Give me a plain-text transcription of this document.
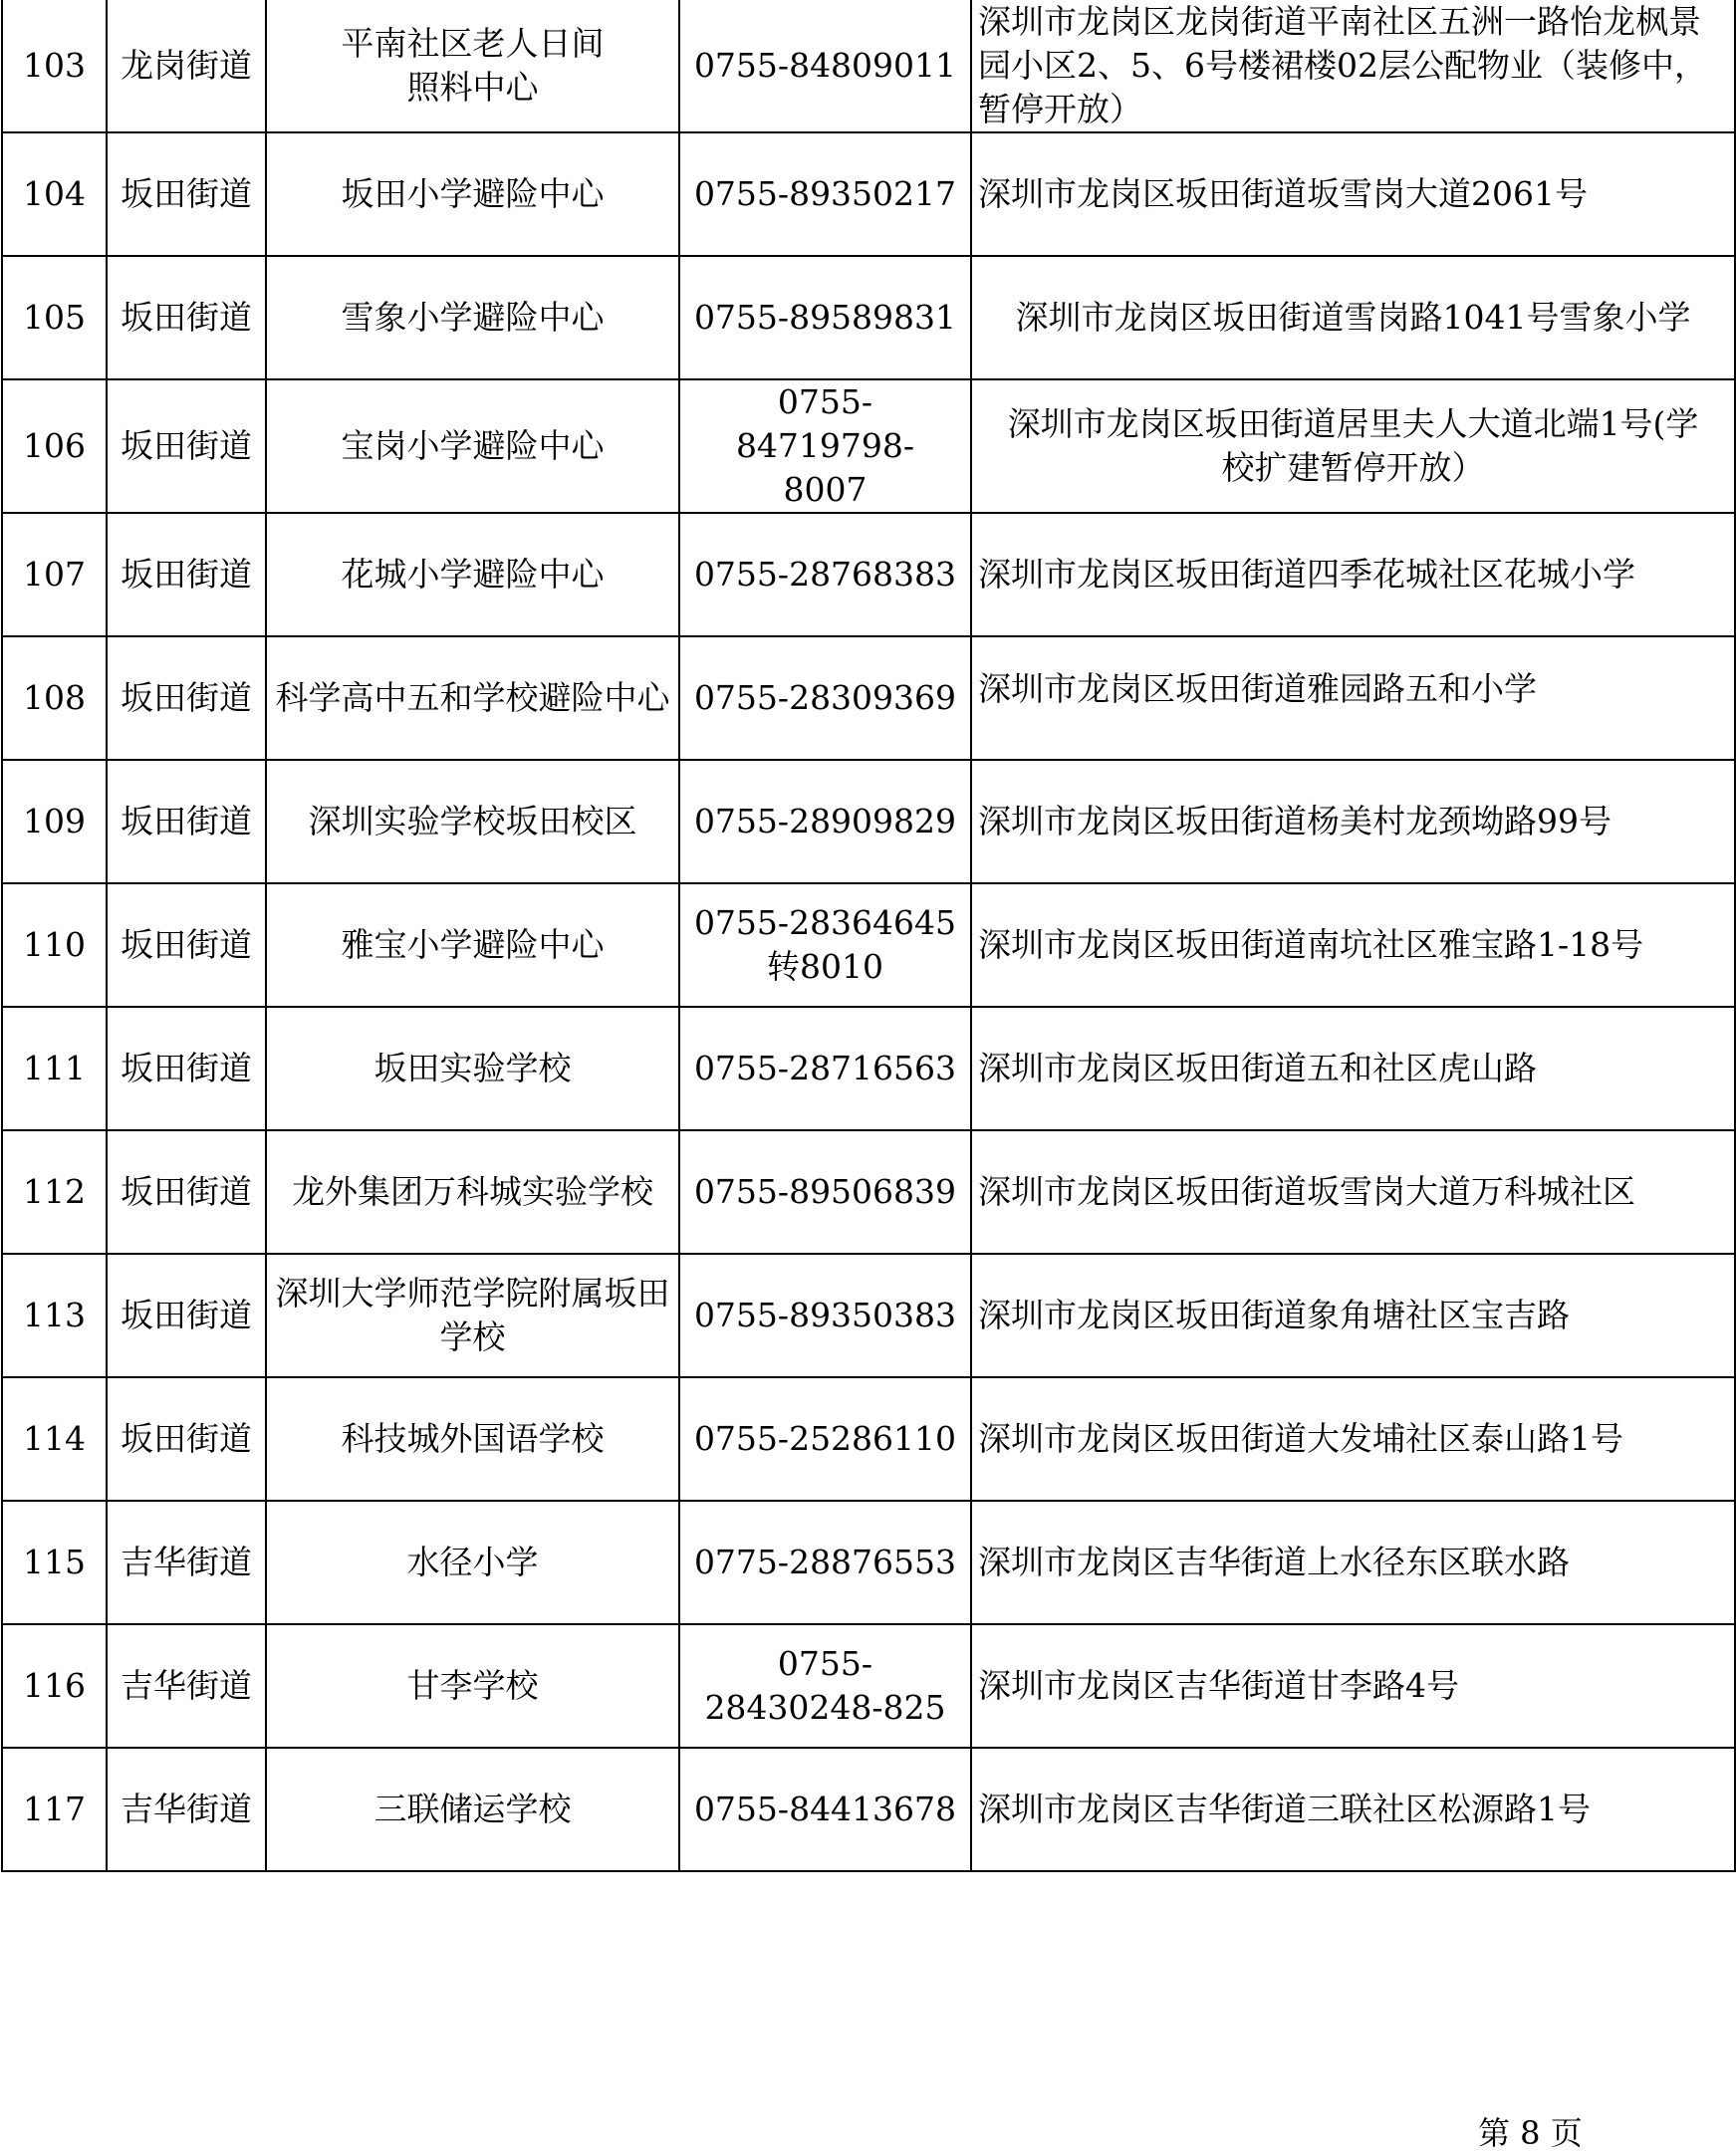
103	龙岗街道	平南社区老人日间照料中心	0755-84809011	深圳市龙岗区龙岗街道平南社区五洲一路怡龙枫景园小区2、5、6号楼裙楼02层公配物业（装修中，暂停开放）
104	坂田街道	坂田小学避险中心	0755-89350217	深圳市龙岗区坂田街道坂雪岗大道2061号
105	坂田街道	雪象小学避险中心	0755-89589831	深圳市龙岗区坂田街道雪岗路1041号雪象小学
106	坂田街道	宝岗小学避险中心	0755-84719798-8007	深圳市龙岗区坂田街道居里夫人大道北端1号(学校扩建暂停开放）
107	坂田街道	花城小学避险中心	0755-28768383	深圳市龙岗区坂田街道四季花城社区花城小学
108	坂田街道	科学高中五和学校避险中心	0755-28309369	深圳市龙岗区坂田街道雅园路五和小学
109	坂田街道	深圳实验学校坂田校区	0755-28909829	深圳市龙岗区坂田街道杨美村龙颈坳路99号
110	坂田街道	雅宝小学避险中心	0755-28364645转8010	深圳市龙岗区坂田街道南坑社区雅宝路1-18号
111	坂田街道	坂田实验学校	0755-28716563	深圳市龙岗区坂田街道五和社区虎山路
112	坂田街道	龙外集团万科城实验学校	0755-89506839	深圳市龙岗区坂田街道坂雪岗大道万科城社区
113	坂田街道	深圳大学师范学院附属坂田学校	0755-89350383	深圳市龙岗区坂田街道象角塘社区宝吉路
114	坂田街道	科技城外国语学校	0755-25286110	深圳市龙岗区坂田街道大发埔社区泰山路1号
115	吉华街道	水径小学	0775-28876553	深圳市龙岗区吉华街道上水径东区联水路
116	吉华街道	甘李学校	0755-28430248-825	深圳市龙岗区吉华街道甘李路4号
117	吉华街道	三联储运学校	0755-84413678	深圳市龙岗区吉华街道三联社区松源路1号
第 8 页
